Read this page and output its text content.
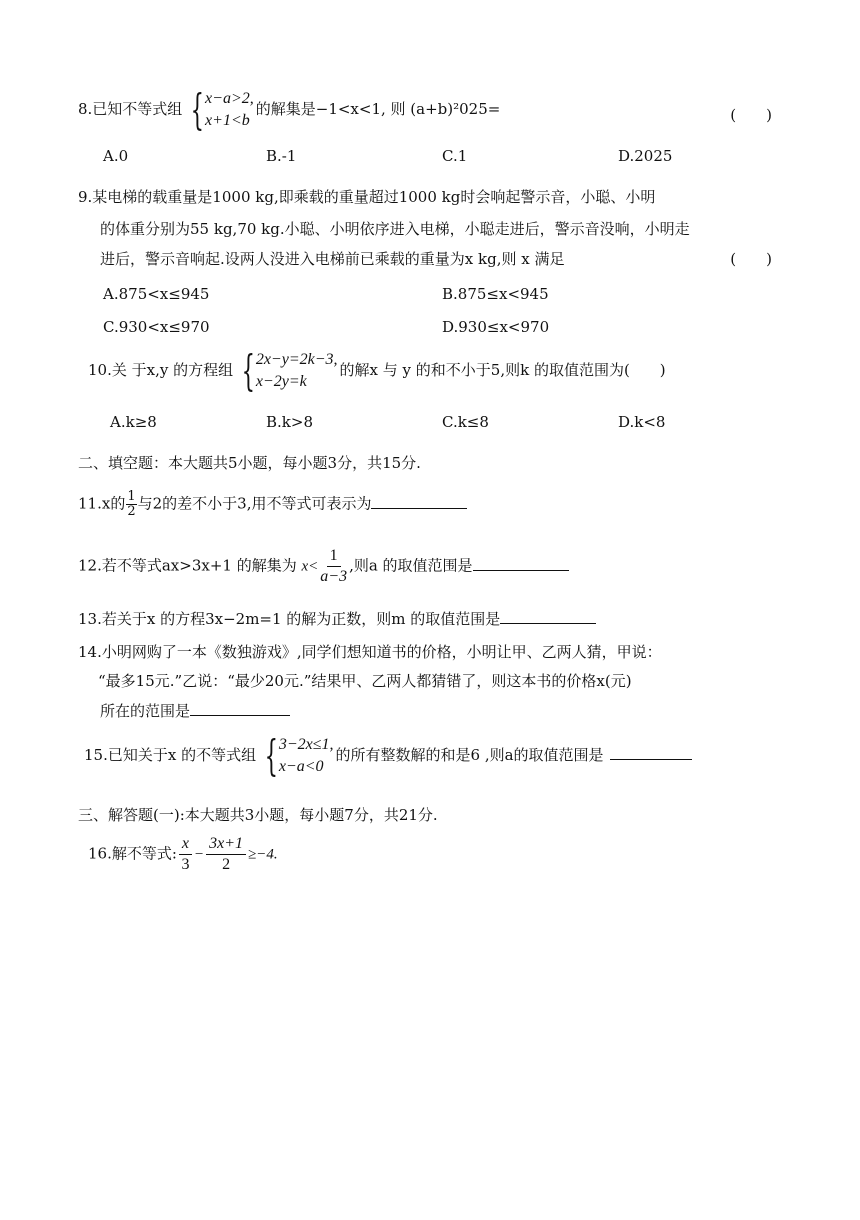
8.已知不等式组 { x−a>2,
x+1<b
的解集是−1<x<1, 则 (a+b)²025=	(　　)
A.0	B.-1	C.1	D.2025
9.某电梯的载重量是1000 kg,即乘载的重量超过1000 kg时会响起警示音，小聪、小明
的体重分别为55 kg,70 kg.小聪、小明依序进入电梯，小聪走进后，警示音没响，小明走
进后，警示音响起.设两人没进入电梯前已乘载的重量为x kg,则 x 满足	(　　)
A.875<x≤945	B.875≤x<945
C.930<x≤970	D.930≤x<970
10.关 于x,y 的方程组 { 2x−y=2k−3,
x−2y=k
的解x 与 y 的和不小于5,则k 的取值范围为(　　)
A.k≥8	B.k>8	C.k≤8	D.k<8
二、填空题：本大题共5小题，每小题3分，共15分.
11.x的 $\frac{1}{2}$ 与2的差不小于3,用不等式可表示为
12.若不等式ax>3x+1 的解集为 $x< \frac{1}{a-3}$ ,则a 的取值范围是
13.若关于x 的方程3x−2m=1 的解为正数，则m 的取值范围是
14.小明网购了一本《数独游戏》,同学们想知道书的价格，小明让甲、乙两人猜，甲说：
“最多15元.”乙说：“最少20元.”结果甲、乙两人都猜错了，则这本书的价格x(元)
所在的范围是
15.已知关于x 的不等式组 { 3−2x≤1,
x−a<0
的所有整数解的和是6 ,则a的取值范围是
三、解答题(一):本大题共3小题，每小题7分，共21分.
16.解不等式: $\frac{x}{3} - \frac{3x+1}{2} \ge-4$.
